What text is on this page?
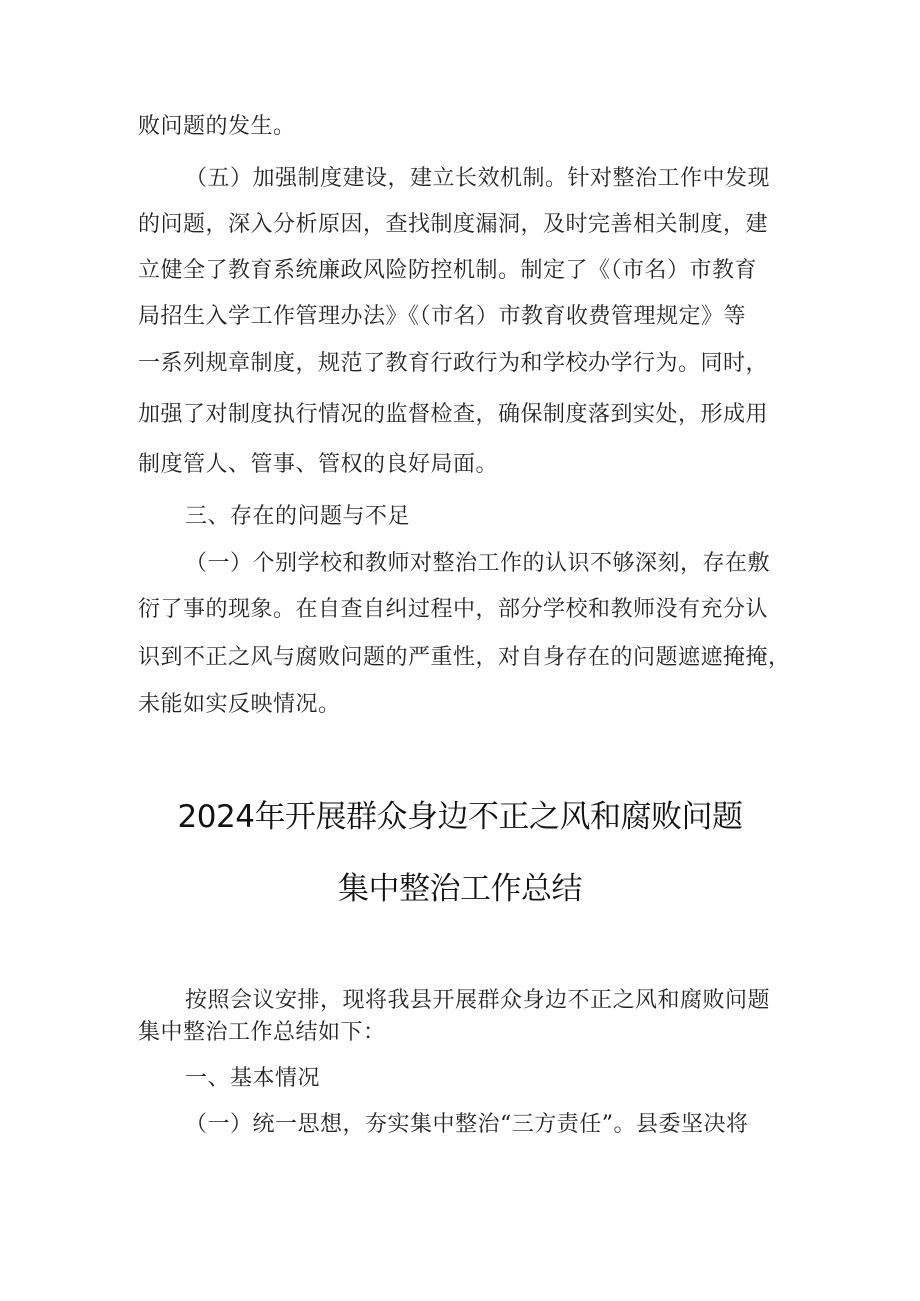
败问题的发生。
（五）加强制度建设，建立长效机制。针对整治工作中发现
的问题，深入分析原因，查找制度漏洞，及时完善相关制度，建
立健全了教育系统廉政风险防控机制。制定了《（市名）市教育
局招生入学工作管理办法》《（市名）市教育收费管理规定》等
一系列规章制度，规范了教育行政行为和学校办学行为。同时，
加强了对制度执行情况的监督检查，确保制度落到实处，形成用
制度管人、管事、管权的良好局面。
三、存在的问题与不足
（一）个别学校和教师对整治工作的认识不够深刻，存在敷
衍了事的现象。在自查自纠过程中，部分学校和教师没有充分认
识到不正之风与腐败问题的严重性，对自身存在的问题遮遮掩掩，
未能如实反映情况。
2024年开展群众身边不正之风和腐败问题
集中整治工作总结
按照会议安排，现将我县开展群众身边不正之风和腐败问题
集中整治工作总结如下：
一、基本情况
（一）统一思想，夯实集中整治“三方责任”。县委坚决将
